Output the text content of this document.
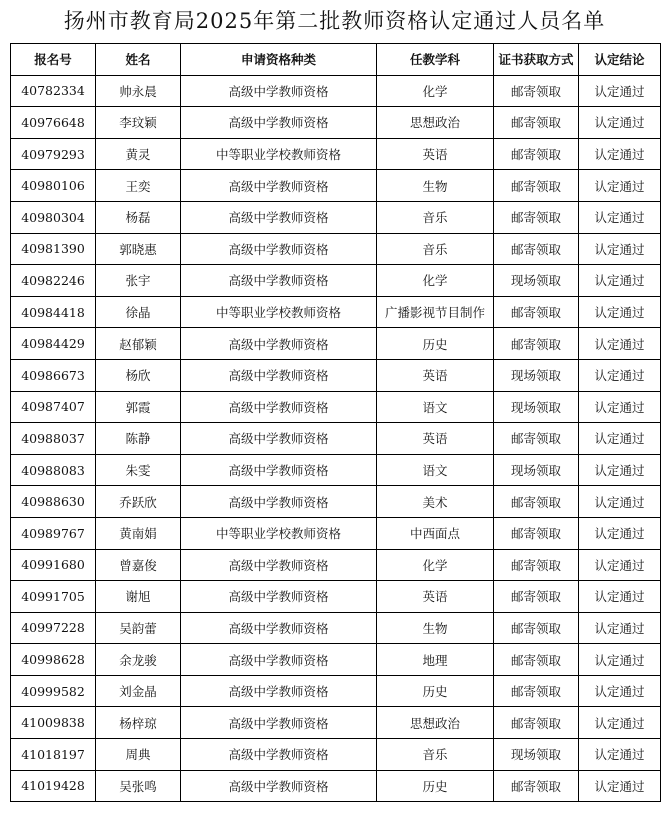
扬州市教育局2025年第二批教师资格认定通过人员名单
报名号	姓名	申请资格种类	任教学科	证书获取方式	认定结论
40782334	帅永晨	高级中学教师资格	化学	邮寄领取	认定通过
40976648	李玟颖	高级中学教师资格	思想政治	邮寄领取	认定通过
40979293	黄灵	中等职业学校教师资格	英语	邮寄领取	认定通过
40980106	王奕	高级中学教师资格	生物	邮寄领取	认定通过
40980304	杨磊	高级中学教师资格	音乐	邮寄领取	认定通过
40981390	郭晓惠	高级中学教师资格	音乐	邮寄领取	认定通过
40982246	张宇	高级中学教师资格	化学	现场领取	认定通过
40984418	徐晶	中等职业学校教师资格	广播影视节目制作	邮寄领取	认定通过
40984429	赵郁颖	高级中学教师资格	历史	邮寄领取	认定通过
40986673	杨欣	高级中学教师资格	英语	现场领取	认定通过
40987407	郭霞	高级中学教师资格	语文	现场领取	认定通过
40988037	陈静	高级中学教师资格	英语	邮寄领取	认定通过
40988083	朱雯	高级中学教师资格	语文	现场领取	认定通过
40988630	乔跃欣	高级中学教师资格	美术	邮寄领取	认定通过
40989767	黄南娟	中等职业学校教师资格	中西面点	邮寄领取	认定通过
40991680	曾嘉俊	高级中学教师资格	化学	邮寄领取	认定通过
40991705	谢旭	高级中学教师资格	英语	邮寄领取	认定通过
40997228	吴韵蕾	高级中学教师资格	生物	邮寄领取	认定通过
40998628	余龙骏	高级中学教师资格	地理	邮寄领取	认定通过
40999582	刘金晶	高级中学教师资格	历史	邮寄领取	认定通过
41009838	杨梓琼	高级中学教师资格	思想政治	邮寄领取	认定通过
41018197	周典	高级中学教师资格	音乐	现场领取	认定通过
41019428	吴张鸣	高级中学教师资格	历史	邮寄领取	认定通过
